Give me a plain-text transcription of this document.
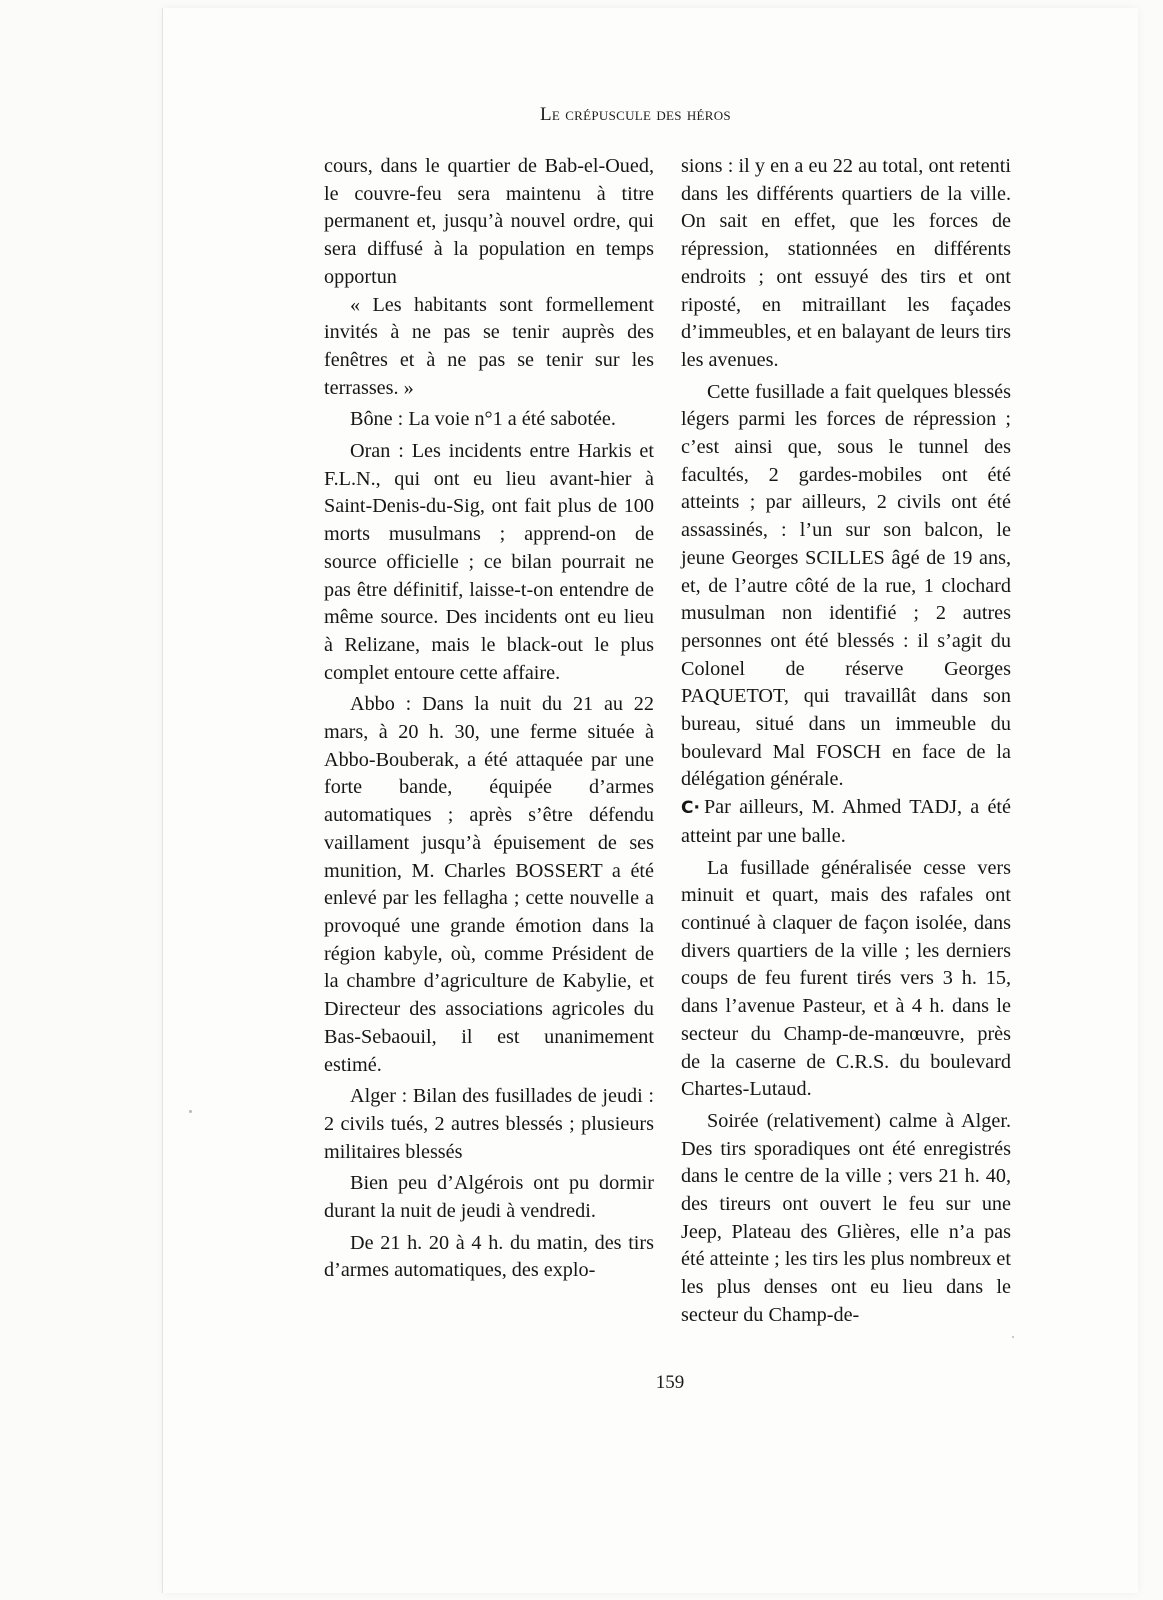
Le crépuscule des héros

cours, dans le quartier de Bab-el-Oued, le couvre-feu sera maintenu à titre permanent et, jusqu’à nouvel ordre, qui sera diffusé à la population en temps opportun

« Les habitants sont formellement invités à ne pas se tenir auprès des fenêtres et à ne pas se tenir sur les terrasses. »

Bône : La voie n°1 a été sabotée.

Oran : Les incidents entre Harkis et F.L.N., qui ont eu lieu avant-hier à Saint-Denis-du-Sig, ont fait plus de 100 morts musulmans ; apprend-on de source officielle ; ce bilan pourrait ne pas être définitif, laisse-t-on entendre de même source. Des incidents ont eu lieu à Relizane, mais le black-out le plus complet entoure cette affaire.

Abbo : Dans la nuit du 21 au 22 mars, à 20 h. 30, une ferme située à Abbo-Bouberak, a été attaquée par une forte bande, équipée d’armes automatiques ; après s’être défendu vaillament jusqu’à épuisement de ses munition, M. Charles BOSSERT a été enlevé par les fellagha ; cette nouvelle a provoqué une grande émotion dans la région kabyle, où, comme Président de la chambre d’agriculture de Kabylie, et Directeur des associations agricoles du Bas-Sebaouil, il est unanimement estimé.

Alger : Bilan des fusillades de jeudi : 2 civils tués, 2 autres blessés ; plusieurs militaires blessés

Bien peu d’Algérois ont pu dormir durant la nuit de jeudi à vendredi.

De 21 h. 20 à 4 h. du matin, des tirs d’armes automatiques, des explo-

sions : il y en a eu 22 au total, ont retenti dans les différents quartiers de la ville. On sait en effet, que les forces de répression, stationnées en différents endroits ; ont essuyé des tirs et ont riposté, en mitraillant les façades d’immeubles, et en balayant de leurs tirs les avenues.

Cette fusillade a fait quelques blessés légers parmi les forces de répression ; c’est ainsi que, sous le tunnel des facultés, 2 gardes-mobiles ont été atteints ; par ailleurs, 2 civils ont été assassinés, : l’un sur son balcon, le jeune Georges SCILLES âgé de 19 ans, et, de l’autre côté de la rue, 1 clochard musulman non identifié ; 2 autres personnes ont été blessés : il s’agit du Colonel de réserve Georges PAQUETOT, qui travaillât dans son bureau, situé dans un immeuble du boulevard Mal FOSCH en face de la délégation générale.

C· Par ailleurs, M. Ahmed TADJ, a été atteint par une balle.

La fusillade généralisée cesse vers minuit et quart, mais des rafales ont continué à claquer de façon isolée, dans divers quartiers de la ville ; les derniers coups de feu furent tirés vers 3 h. 15, dans l’avenue Pasteur, et à 4 h. dans le secteur du Champ-de-manœuvre, près de la caserne de C.R.S. du boulevard Chartes-Lutaud.

Soirée (relativement) calme à Alger. Des tirs sporadiques ont été enregistrés dans le centre de la ville ; vers 21 h. 40, des tireurs ont ouvert le feu sur une Jeep, Plateau des Glières, elle n’a pas été atteinte ; les tirs les plus nombreux et les plus denses ont eu lieu dans le secteur du Champ-de-

159
